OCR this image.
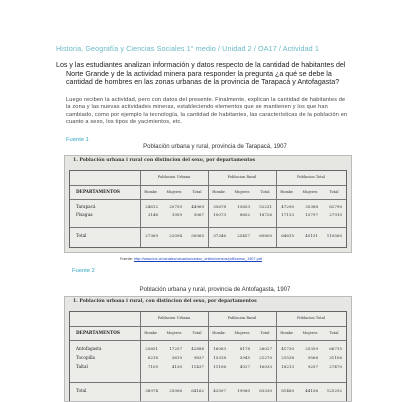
Historia, Geografía y Ciencias Sociales 1° medio / Unidad 2 / OA17 / Actividad 1

Los y las estudiantes analizan información y datos respecto de la cantidad de habitantes del Norte Grande y de la actividad minera para responder la pregunta ¿a qué se debe la cantidad de hombres en las zonas urbanas de la provincia de Tarapacá y Antofagasta?

Luego reciben la actividad, pero con datos del presente. Finalmente, explican la cantidad de habitantes de la zona y las nuevas actividades mineras, estableciendo elementos que se mantienen y los que han cambiado, como por ejemplo la tecnología, la cantidad de habitantes, las características de la población en cuanto a sexo, los tipos de yacimientos, etc.
Fuente 1
Población urbana y rural, provincia de Tarapacá, 1907
1. Población urbana i rural con distincion del sexo, por departamentos
DEPARTAMENTOS
Poblacion Urbana	Poblacion Rural	Poblacion Total
Hombr.	Mujeres	Total	Hombr.	Mujeres	Total	Hombr.	Mujeres	Total
Tarapacá	24612	20755	44969	35678	15653	52231	47290	35388	82790
Pisagua	3146	1959	5067	10073	8652	18726	17113	10797	27910
Total	27369	22094	50065	37346	25457	60800	64615	45151	110560
Fuente: http://www.ine.cl/canales/usuarios/cedoc_online/censos/pdf/censo_1907.pdf
Fuente 2
Población urbana y rural, provincia de Antofagasta, 1907
1. Población urbana i rural, con distincion del sexo, por departamentos
DEPARTAMENTOS
Poblacion Urbana	Poblacion Rural	Poblacion Total
Hombr.	Mujeres	Total	Hombr.	Mujeres	Total	Hombr.	Mujeres	Total
Antofagasta	25651	17257	42888	16083	8178	26027	41730	25359	66715
Tocopilla	6218	3619	9837	15318	5945	21270	21538	9568	31106
Taltal	7105	4130	11437	11106	4927	16033	18213	9257	27470
Total	38974	25006	64162	42507	19060	63330	81480	44156	125292
